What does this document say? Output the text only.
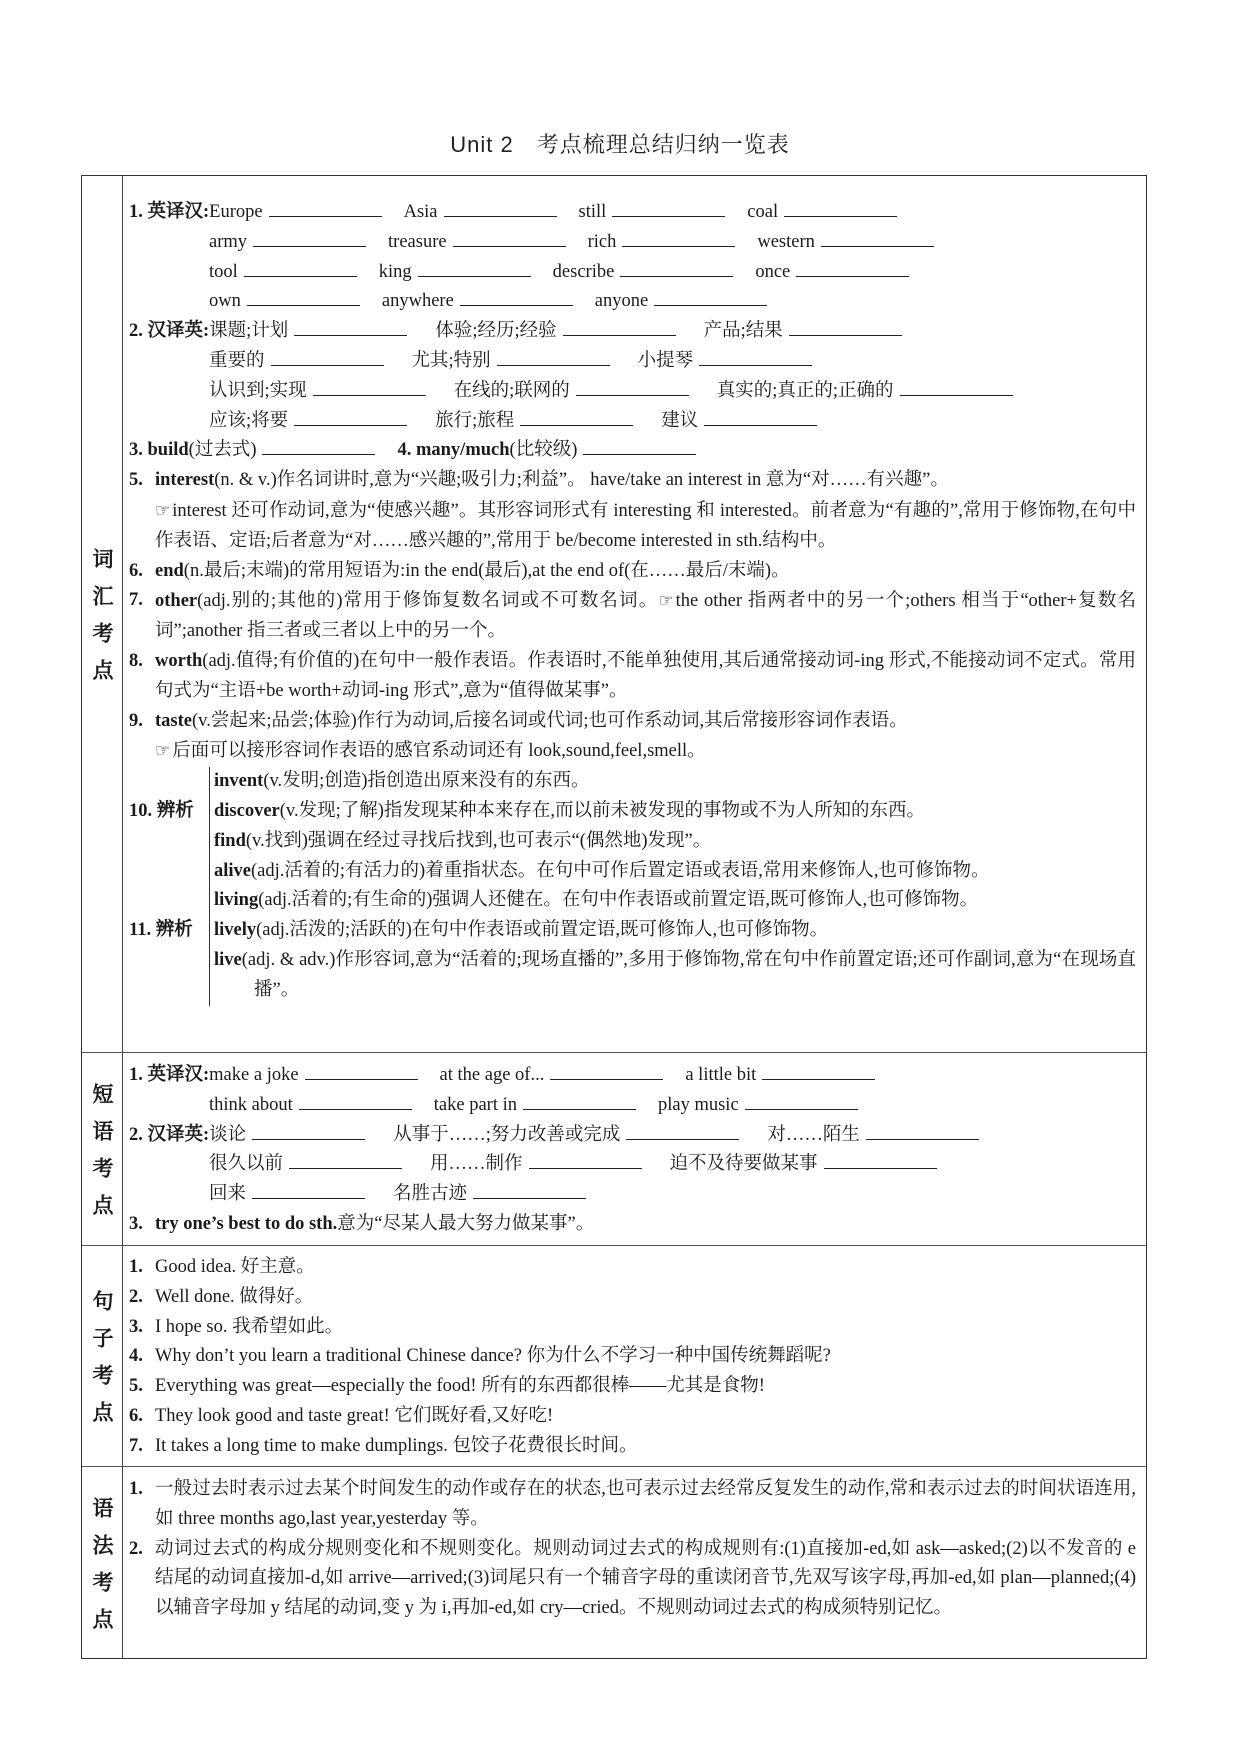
Unit 2　考点梳理总结归纳一览表
词汇考点
1. 英译汉:Europe	Asia	still	coal
army	treasure	rich	western
tool	king	describe	once
own	anywhere	anyone
2. 汉译英:课题;计划	体验;经历;经验	产品;结果
重要的	尤其;特别	小提琴
认识到;实现	在线的;联网的	真实的;真正的;正确的
应该;将要	旅行;旅程	建议
3. build(过去式)	4. many/much(比较级)
5. interest(n. & v.)作名词讲时,意为“兴趣;吸引力;利益”。 have/take an interest in 意为“对……有兴趣”。
☞ interest 还可作动词,意为“使感兴趣”。其形容词形式有 interesting 和 interested。前者意为“有趣的”,常用于修饰物,在句中作表语、定语;后者意为“对……感兴趣的”,常用于 be/become interested in sth.结构中。
6. end(n.最后;末端)的常用短语为:in the end(最后),at the end of(在……最后/末端)。
7. other(adj.别的;其他的)常用于修饰复数名词或不可数名词。☞ the other 指两者中的另一个;others 相当于“other+复数名词”;another 指三者或三者以上中的另一个。
8. worth(adj.值得;有价值的)在句中一般作表语。作表语时,不能单独使用,其后通常接动词-ing 形式,不能接动词不定式。常用句式为“主语+be worth+动词-ing 形式”,意为“值得做某事”。
9. taste(v.尝起来;品尝;体验)作行为动词,后接名词或代词;也可作系动词,其后常接形容词作表语。
☞ 后面可以接形容词作表语的感官系动词还有 look,sound,feel,smell。
10. 辨析
invent(v.发明;创造)指创造出原来没有的东西。
discover(v.发现;了解)指发现某种本来存在,而以前未被发现的事物或不为人所知的东西。
find(v.找到)强调在经过寻找后找到,也可表示“(偶然地)发现”。
11. 辨析
alive(adj.活着的;有活力的)着重指状态。在句中可作后置定语或表语,常用来修饰人,也可修饰物。
living(adj.活着的;有生命的)强调人还健在。在句中作表语或前置定语,既可修饰人,也可修饰物。
lively(adj.活泼的;活跃的)在句中作表语或前置定语,既可修饰人,也可修饰物。
live(adj. & adv.)作形容词,意为“活着的;现场直播的”,多用于修饰物,常在句中作前置定语;还可作副词,意为“在现场直播”。
短语考点
1. 英译汉:make a joke	at the age of...	a little bit
think about	take part in	play music
2. 汉译英:谈论	从事于……;努力改善或完成	对……陌生
很久以前	用……制作	迫不及待要做某事
回来	名胜古迹
3. try one’s best to do sth.意为“尽某人最大努力做某事”。
句子考点
1. Good idea. 好主意。
2. Well done. 做得好。
3. I hope so. 我希望如此。
4. Why don’t you learn a traditional Chinese dance? 你为什么不学习一种中国传统舞蹈呢?
5. Everything was great—especially the food! 所有的东西都很棒——尤其是食物!
6. They look good and taste great! 它们既好看,又好吃!
7. It takes a long time to make dumplings. 包饺子花费很长时间。
语法考点
1. 一般过去时表示过去某个时间发生的动作或存在的状态,也可表示过去经常反复发生的动作,常和表示过去的时间状语连用,如 three months ago,last year,yesterday 等。
2. 动词过去式的构成分规则变化和不规则变化。规则动词过去式的构成规则有:(1)直接加-ed,如 ask—asked;(2)以不发音的 e 结尾的动词直接加-d,如 arrive—arrived;(3)词尾只有一个辅音字母的重读闭音节,先双写该字母,再加-ed,如 plan—planned;(4)以辅音字母加 y 结尾的动词,变 y 为 i,再加-ed,如 cry—cried。不规则动词过去式的构成须特别记忆。
